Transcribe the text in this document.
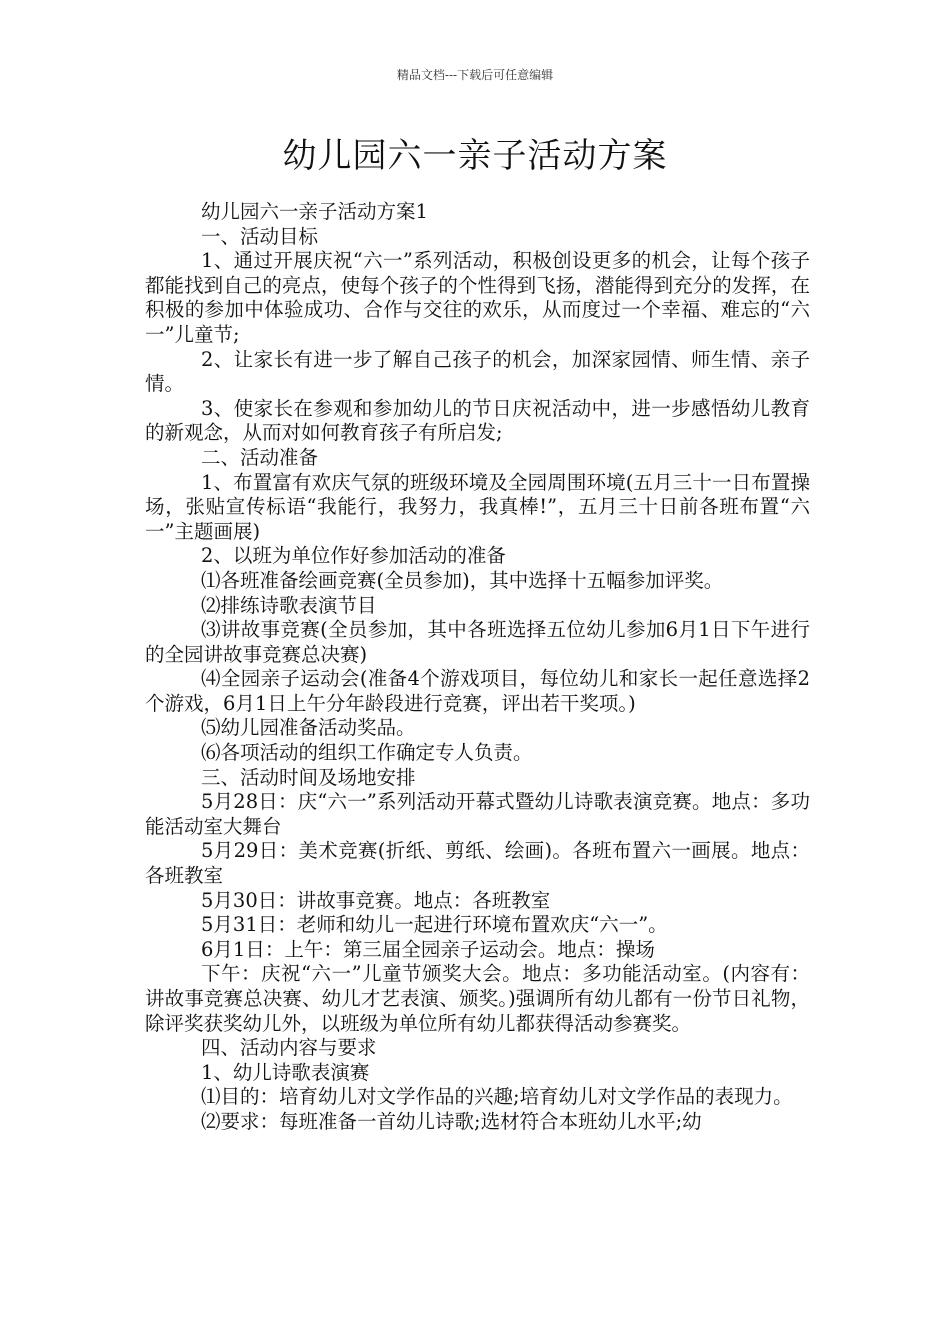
精品文档---下载后可任意编辑
幼儿园六一亲子活动方案

幼儿园六一亲子活动方案1

一、活动目标

1、通过开展庆祝“六一”系列活动，积极创设更多的机会，让每个孩子都能找到自己的亮点，使每个孩子的个性得到飞扬，潜能得到充分的发挥，在积极的参加中体验成功、合作与交往的欢乐，从而度过一个幸福、难忘的“六一”儿童节;

2、让家长有进一步了解自己孩子的机会，加深家园情、师生情、亲子情。

3、使家长在参观和参加幼儿的节日庆祝活动中，进一步感悟幼儿教育的新观念，从而对如何教育孩子有所启发;

二、活动准备

1、布置富有欢庆气氛的班级环境及全园周围环境(五月三十一日布置操场，张贴宣传标语“我能行，我努力，我真棒!”，五月三十日前各班布置“六一”主题画展)

2、以班为单位作好参加活动的准备

⑴各班准备绘画竞赛(全员参加)，其中选择十五幅参加评奖。

⑵排练诗歌表演节目

⑶讲故事竞赛(全员参加，其中各班选择五位幼儿参加6月1日下午进行的全园讲故事竞赛总决赛)

⑷全园亲子运动会(准备4个游戏项目，每位幼儿和家长一起任意选择2个游戏，6月1日上午分年龄段进行竞赛，评出若干奖项。)

⑸幼儿园准备活动奖品。

⑹各项活动的组织工作确定专人负责。

三、活动时间及场地安排

5月28日：庆“六一”系列活动开幕式暨幼儿诗歌表演竞赛。地点：多功能活动室大舞台

5月29日：美术竞赛(折纸、剪纸、绘画)。各班布置六一画展。地点：各班教室

5月30日：讲故事竞赛。地点：各班教室

5月31日：老师和幼儿一起进行环境布置欢庆“六一”。

6月1日：上午：第三届全园亲子运动会。地点：操场

下午：庆祝“六一”儿童节颁奖大会。地点：多功能活动室。(内容有：讲故事竞赛总决赛、幼儿才艺表演、颁奖。)强调所有幼儿都有一份节日礼物，除评奖获奖幼儿外，以班级为单位所有幼儿都获得活动参赛奖。

四、活动内容与要求

1、幼儿诗歌表演赛

⑴目的：培育幼儿对文学作品的兴趣;培育幼儿对文学作品的表现力。

⑵要求：每班准备一首幼儿诗歌;选材符合本班幼儿水平;幼
